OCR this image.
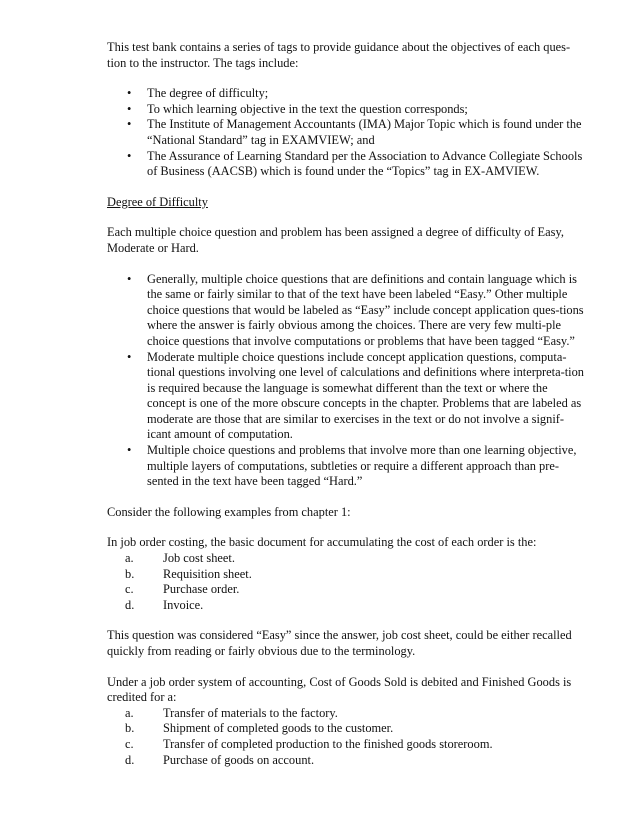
This test bank contains a series of tags to provide guidance about the objectives of each ques-tion to the instructor. The tags include:

•	The degree of difficulty;
•	To which learning objective in the text the question corresponds;
•	The Institute of Management Accountants (IMA) Major Topic which is found under the “National Standard” tag in EXAMVIEW; and
•	The Assurance of Learning Standard per the Association to Advance Collegiate Schools of Business (AACSB) which is found under the “Topics” tag in EX-AMVIEW.
Degree of Difficulty

Each multiple choice question and problem has been assigned a degree of difficulty of Easy, Moderate or Hard.

•	Generally, multiple choice questions that are definitions and contain language which is the same or fairly similar to that of the text have been labeled “Easy.” Other multiple choice questions that would be labeled as “Easy” include concept application ques-tions where the answer is fairly obvious among the choices. There are very few multi-ple choice questions that involve computations or problems that have been tagged “Easy.”
•	Moderate multiple choice questions include concept application questions, computa-tional questions involving one level of calculations and definitions where interpreta-tion is required because the language is somewhat different than the text or where the concept is one of the more obscure concepts in the chapter. Problems that are labeled as moderate are those that are similar to exercises in the text or do not involve a signif-icant amount of computation.
•	Multiple choice questions and problems that involve more than one learning objective, multiple layers of computations, subtleties or require a different approach than pre-sented in the text have been tagged “Hard.”

Consider the following examples from chapter 1:

In job order costing, the basic document for accumulating the cost of each order is the:
a.	Job cost sheet.
b.	Requisition sheet.
c.	Purchase order.
d.	Invoice.

This question was considered “Easy” since the answer, job cost sheet, could be either recalled quickly from reading or fairly obvious due to the terminology.

Under a job order system of accounting, Cost of Goods Sold is debited and Finished Goods is credited for a:
a.	Transfer of materials to the factory.
b.	Shipment of completed goods to the customer.
c.	Transfer of completed production to the finished goods storeroom.
d.	Purchase of goods on account.
